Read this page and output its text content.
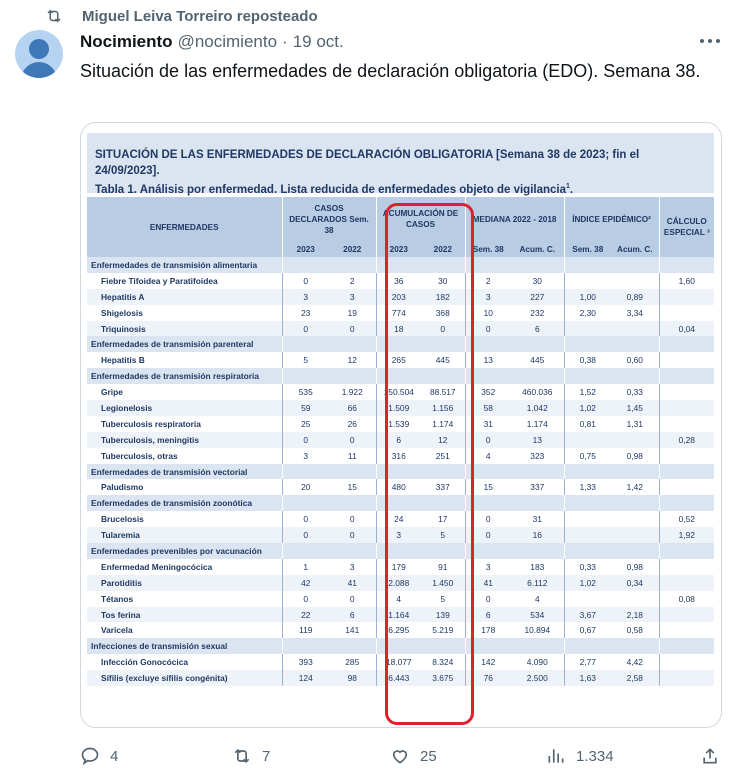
Miguel Leiva Torreiro reposteado
Nocimiento @nocimiento · 19 oct.
Situación de las enfermedades de declaración obligatoria (EDO). Semana 38.
SITUACIÓN DE LAS ENFERMEDADES DE DECLARACIÓN OBLIGATORIA [Semana 38 de 2023; fin el 24/09/2023].
Tabla 1. Análisis por enfermedad. Lista reducida de enfermedades objeto de vigilancia$^1$.
ENFERMEDADES	CASOS DECLARADOS Sem. 38		ACUMULACIÓN DE CASOS		MEDIANA 2022 - 2018		ÍNDICE EPIDÉMICO²		CÁLCULO ESPECIAL ³
	2023	2022	2023	2022	Sem. 38	Acum. C.	Sem. 38	Acum. C.	
Enfermedades de transmisión alimentaria									
Fiebre Tifoidea y Paratifoidea	0	2	36	30	2	30			1,60
Hepatitis A	3	3	203	182	3	227	1,00	0,89	
Shigelosis	23	19	774	368	10	232	2,30	3,34	
Triquinosis	0	0	18	0	0	6			0,04
Enfermedades de transmisión parenteral									
Hepatitis B	5	12	265	445	13	445	0,38	0,60	
Enfermedades de transmisión respiratoria									
Gripe	535	1.922	150.504	88.517	352	460.036	1,52	0,33	
Legionelosis	59	66	1.509	1.156	58	1.042	1,02	1,45	
Tuberculosis respiratoria	25	26	1.539	1.174	31	1.174	0,81	1,31	
Tuberculosis, meningitis	0	0	6	12	0	13			0,28
Tuberculosis, otras	3	11	316	251	4	323	0,75	0,98	
Enfermedades de transmisión vectorial									
Paludismo	20	15	480	337	15	337	1,33	1,42	
Enfermedades de transmisión zoonótica									
Brucelosis	0	0	24	17	0	31			0,52
Tularemia	0	0	3	5	0	16			1,92
Enfermedades prevenibles por vacunación									
Enfermedad Meningocócica	1	3	179	91	3	183	0,33	0,98	
Parotiditis	42	41	2.088	1.450	41	6.112	1,02	0,34	
Tétanos	0	0	4	5	0	4			0,08
Tos ferina	22	6	1.164	139	6	534	3,67	2,18	
Varicela	119	141	6.295	5.219	178	10.894	0,67	0,58	
Infecciones de transmisión sexual									
Infección Gonocócica	393	285	18.077	8.324	142	4.090	2,77	4,42	
Sífilis (excluye sífilis congénita)	124	98	6.443	3.675	76	2.500	1,63	2,58	
4	7	25	1.334
